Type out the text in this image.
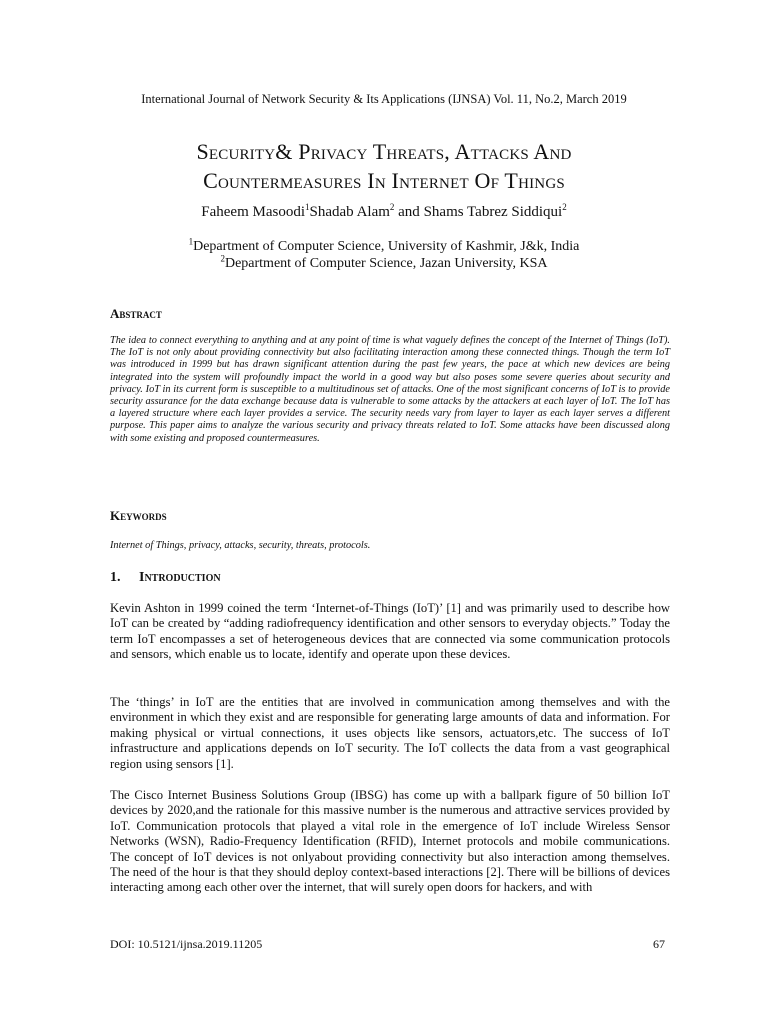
International Journal of Network Security & Its Applications (IJNSA) Vol. 11, No.2, March 2019
Security& Privacy Threats, Attacks And
Countermeasures In Internet Of Things
Faheem Masoodi$^1$Shadab Alam$^2$ and Shams Tabrez Siddiqui$^2$
$^1$Department of Computer Science, University of Kashmir, J&k, India
$^2$Department of Computer Science, Jazan University, KSA
Abstract
The idea to connect everything to anything and at any point of time is what vaguely defines the concept of the Internet of Things (IoT). The IoT is not only about providing connectivity but also facilitating interaction among these connected things. Though the term IoT was introduced in 1999 but has drawn significant attention during the past few years, the pace at which new devices are being integrated into the system will profoundly impact the world in a good way but also poses some severe queries about security and privacy. IoT in its current form is susceptible to a multitudinous set of attacks. One of the most significant concerns of IoT is to provide security assurance for the data exchange because data is vulnerable to some attacks by the attackers at each layer of IoT. The IoT has a layered structure where each layer provides a service. The security needs vary from layer to layer as each layer serves a different purpose. This paper aims to analyze the various security and privacy threats related to IoT. Some attacks have been discussed along with some existing and proposed countermeasures.
Keywords
Internet of Things, privacy, attacks, security, threats, protocols.
1. Introduction

Kevin Ashton in 1999 coined the term ‘Internet-of-Things (IoT)’ [1] and was primarily used to describe how IoT can be created by “adding radiofrequency identification and other sensors to everyday objects.” Today the term IoT encompasses a set of heterogeneous devices that are connected via some communication protocols and sensors, which enable us to locate, identify and operate upon these devices.

The ‘things’ in IoT are the entities that are involved in communication among themselves and with the environment in which they exist and are responsible for generating large amounts of data and information. For making physical or virtual connections, it uses objects like sensors, actuators,etc. The success of IoT infrastructure and applications depends on IoT security. The IoT collects the data from a vast geographical region using sensors [1].

The Cisco Internet Business Solutions Group (IBSG) has come up with a ballpark figure of 50 billion IoT devices by 2020,and the rationale for this massive number is the numerous and attractive services provided by IoT. Communication protocols that played a vital role in the emergence of IoT include Wireless Sensor Networks (WSN), Radio-Frequency Identification (RFID), Internet protocols and mobile communications. The concept of IoT devices is not onlyabout providing connectivity but also interaction among themselves. The need of the hour is that they should deploy context-based interactions [2]. There will be billions of devices interacting among each other over the internet, that will surely open doors for hackers, and with

DOI: 10.5121/ijnsa.2019.11205	67
